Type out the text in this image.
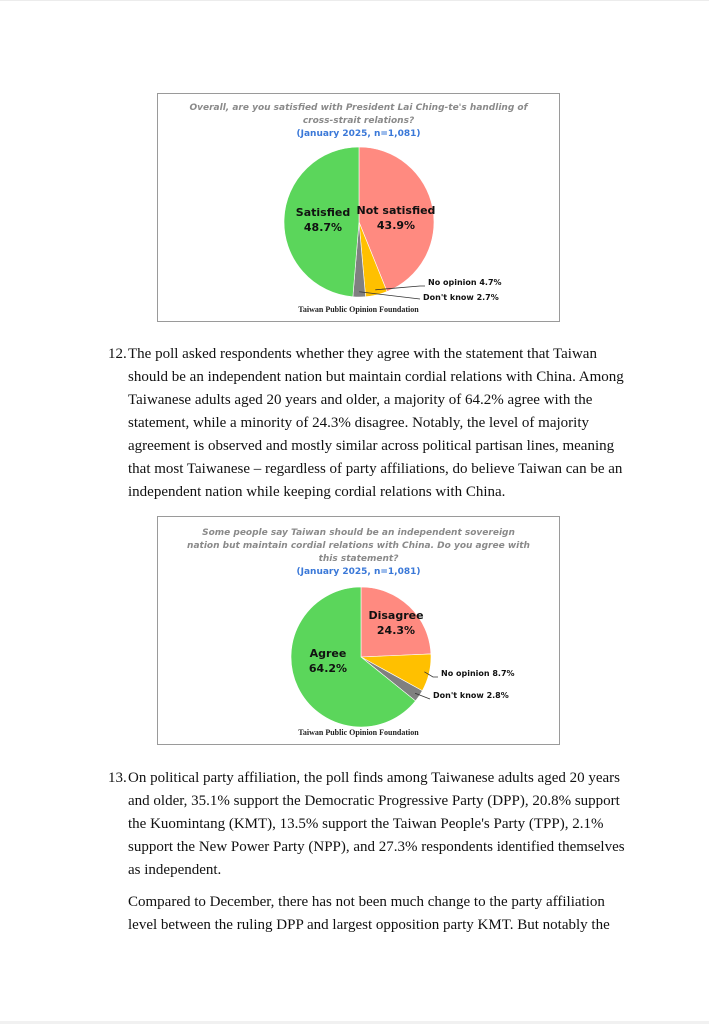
Overall, are you satisfied with President Lai Ching-te's handling of
cross-strait relations?
(January 2025, n=1,081)
Not satisfied
43.9%
Satisfied
48.7%
No opinion 4.7%
Don't know 2.7%
Taiwan Public Opinion Foundation
12. The poll asked respondents whether they agree with the statement that Taiwan
should be an independent nation but maintain cordial relations with China. Among
Taiwanese adults aged 20 years and older, a majority of 64.2% agree with the
statement, while a minority of 24.3% disagree. Notably, the level of majority
agreement is observed and mostly similar across political partisan lines, meaning
that most Taiwanese – regardless of party affiliations, do believe Taiwan can be an
independent nation while keeping cordial relations with China.
Some people say Taiwan should be an independent sovereign
nation but maintain cordial relations with China. Do you agree with
this statement?
(January 2025, n=1,081)
Disagree
24.3%
Agree
64.2%	No opinion 8.7%
Don't know 2.8%
Taiwan Public Opinion Foundation
13. On political party affiliation, the poll finds among Taiwanese adults aged 20 years
and older, 35.1% support the Democratic Progressive Party (DPP), 20.8% support
the Kuomintang (KMT), 13.5% support the Taiwan People's Party (TPP), 2.1%
support the New Power Party (NPP), and 27.3% respondents identified themselves
as independent.
Compared to December, there has not been much change to the party affiliation
level between the ruling DPP and largest opposition party KMT. But notably the
